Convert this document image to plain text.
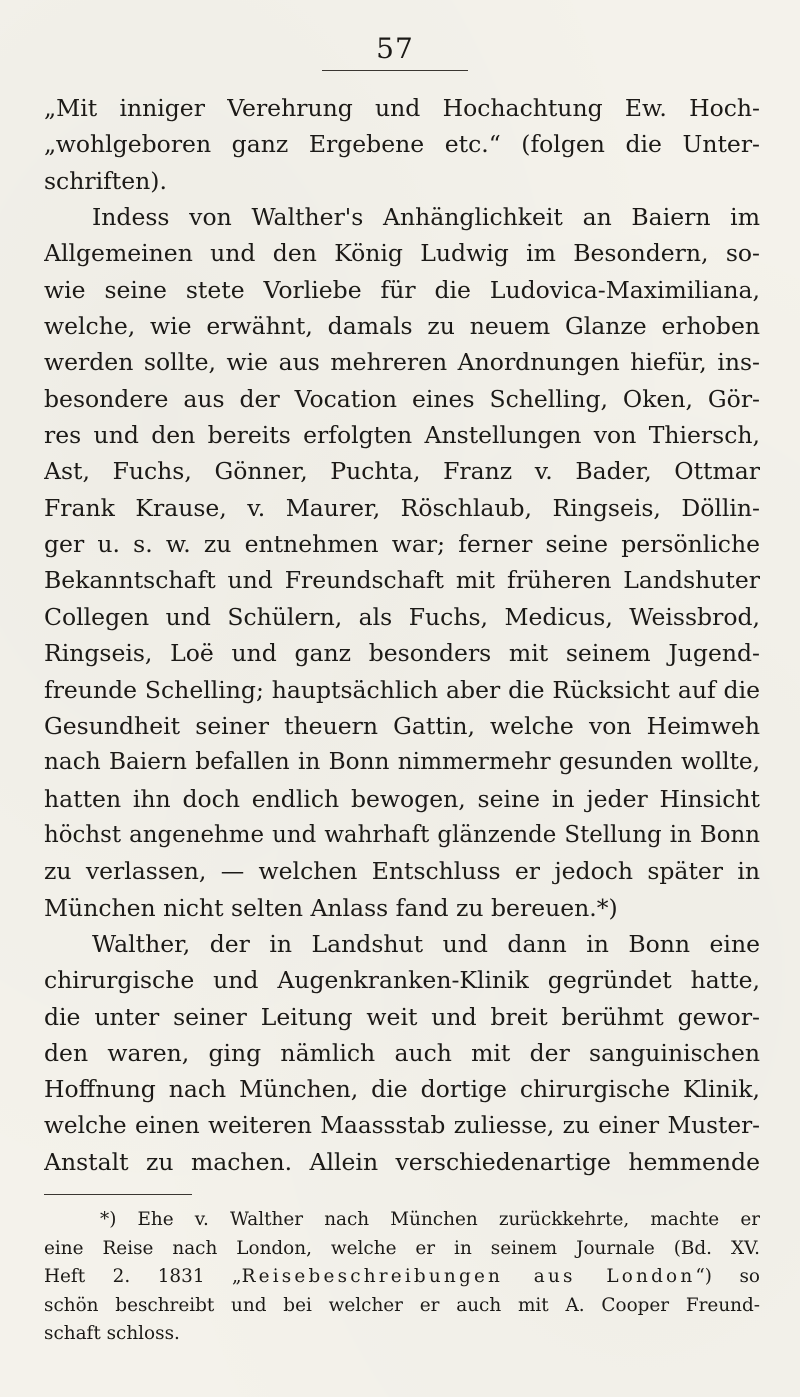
57
„Mit inniger Verehrung und Hochachtung Ew. Hoch-
„wohlgeboren ganz Ergebene etc.“ (folgen die Unter-
schriften).
Indess von Walther's Anhänglichkeit an Baiern im
Allgemeinen und den König Ludwig im Besondern, so-
wie seine stete Vorliebe für die Ludovica-Maximiliana,
welche, wie erwähnt, damals zu neuem Glanze erhoben
werden sollte, wie aus mehreren Anordnungen hiefür, ins-
besondere aus der Vocation eines Schelling, Oken, Gör-
res und den bereits erfolgten Anstellungen von Thiersch,
Ast, Fuchs, Gönner, Puchta, Franz v. Bader, Ottmar
Frank Krause, v. Maurer, Röschlaub, Ringseis, Döllin-
ger u. s. w. zu entnehmen war; ferner seine persönliche
Bekanntschaft und Freundschaft mit früheren Landshuter
Collegen und Schülern, als Fuchs, Medicus, Weissbrod,
Ringseis, Loë und ganz besonders mit seinem Jugend-
freunde Schelling; hauptsächlich aber die Rücksicht auf die
Gesundheit seiner theuern Gattin, welche von Heimweh
nach Baiern befallen in Bonn nimmermehr gesunden wollte,
hatten ihn doch endlich bewogen, seine in jeder Hinsicht
höchst angenehme und wahrhaft glänzende Stellung in Bonn
zu verlassen, — welchen Entschluss er jedoch später in
München nicht selten Anlass fand zu bereuen.*)
Walther, der in Landshut und dann in Bonn eine
chirurgische und Augenkranken-Klinik gegründet hatte,
die unter seiner Leitung weit und breit berühmt gewor-
den waren, ging nämlich auch mit der sanguinischen
Hoffnung nach München, die dortige chirurgische Klinik,
welche einen weiteren Maassstab zuliesse, zu einer Muster-
Anstalt zu machen. Allein verschiedenartige hemmende
*) Ehe v. Walther nach München zurückkehrte, machte er
eine Reise nach London, welche er in seinem Journale (Bd. XV.
Heft 2. 1831 „Reisebeschreibungen aus London“) so
schön beschreibt und bei welcher er auch mit A. Cooper Freund-
schaft schloss.
